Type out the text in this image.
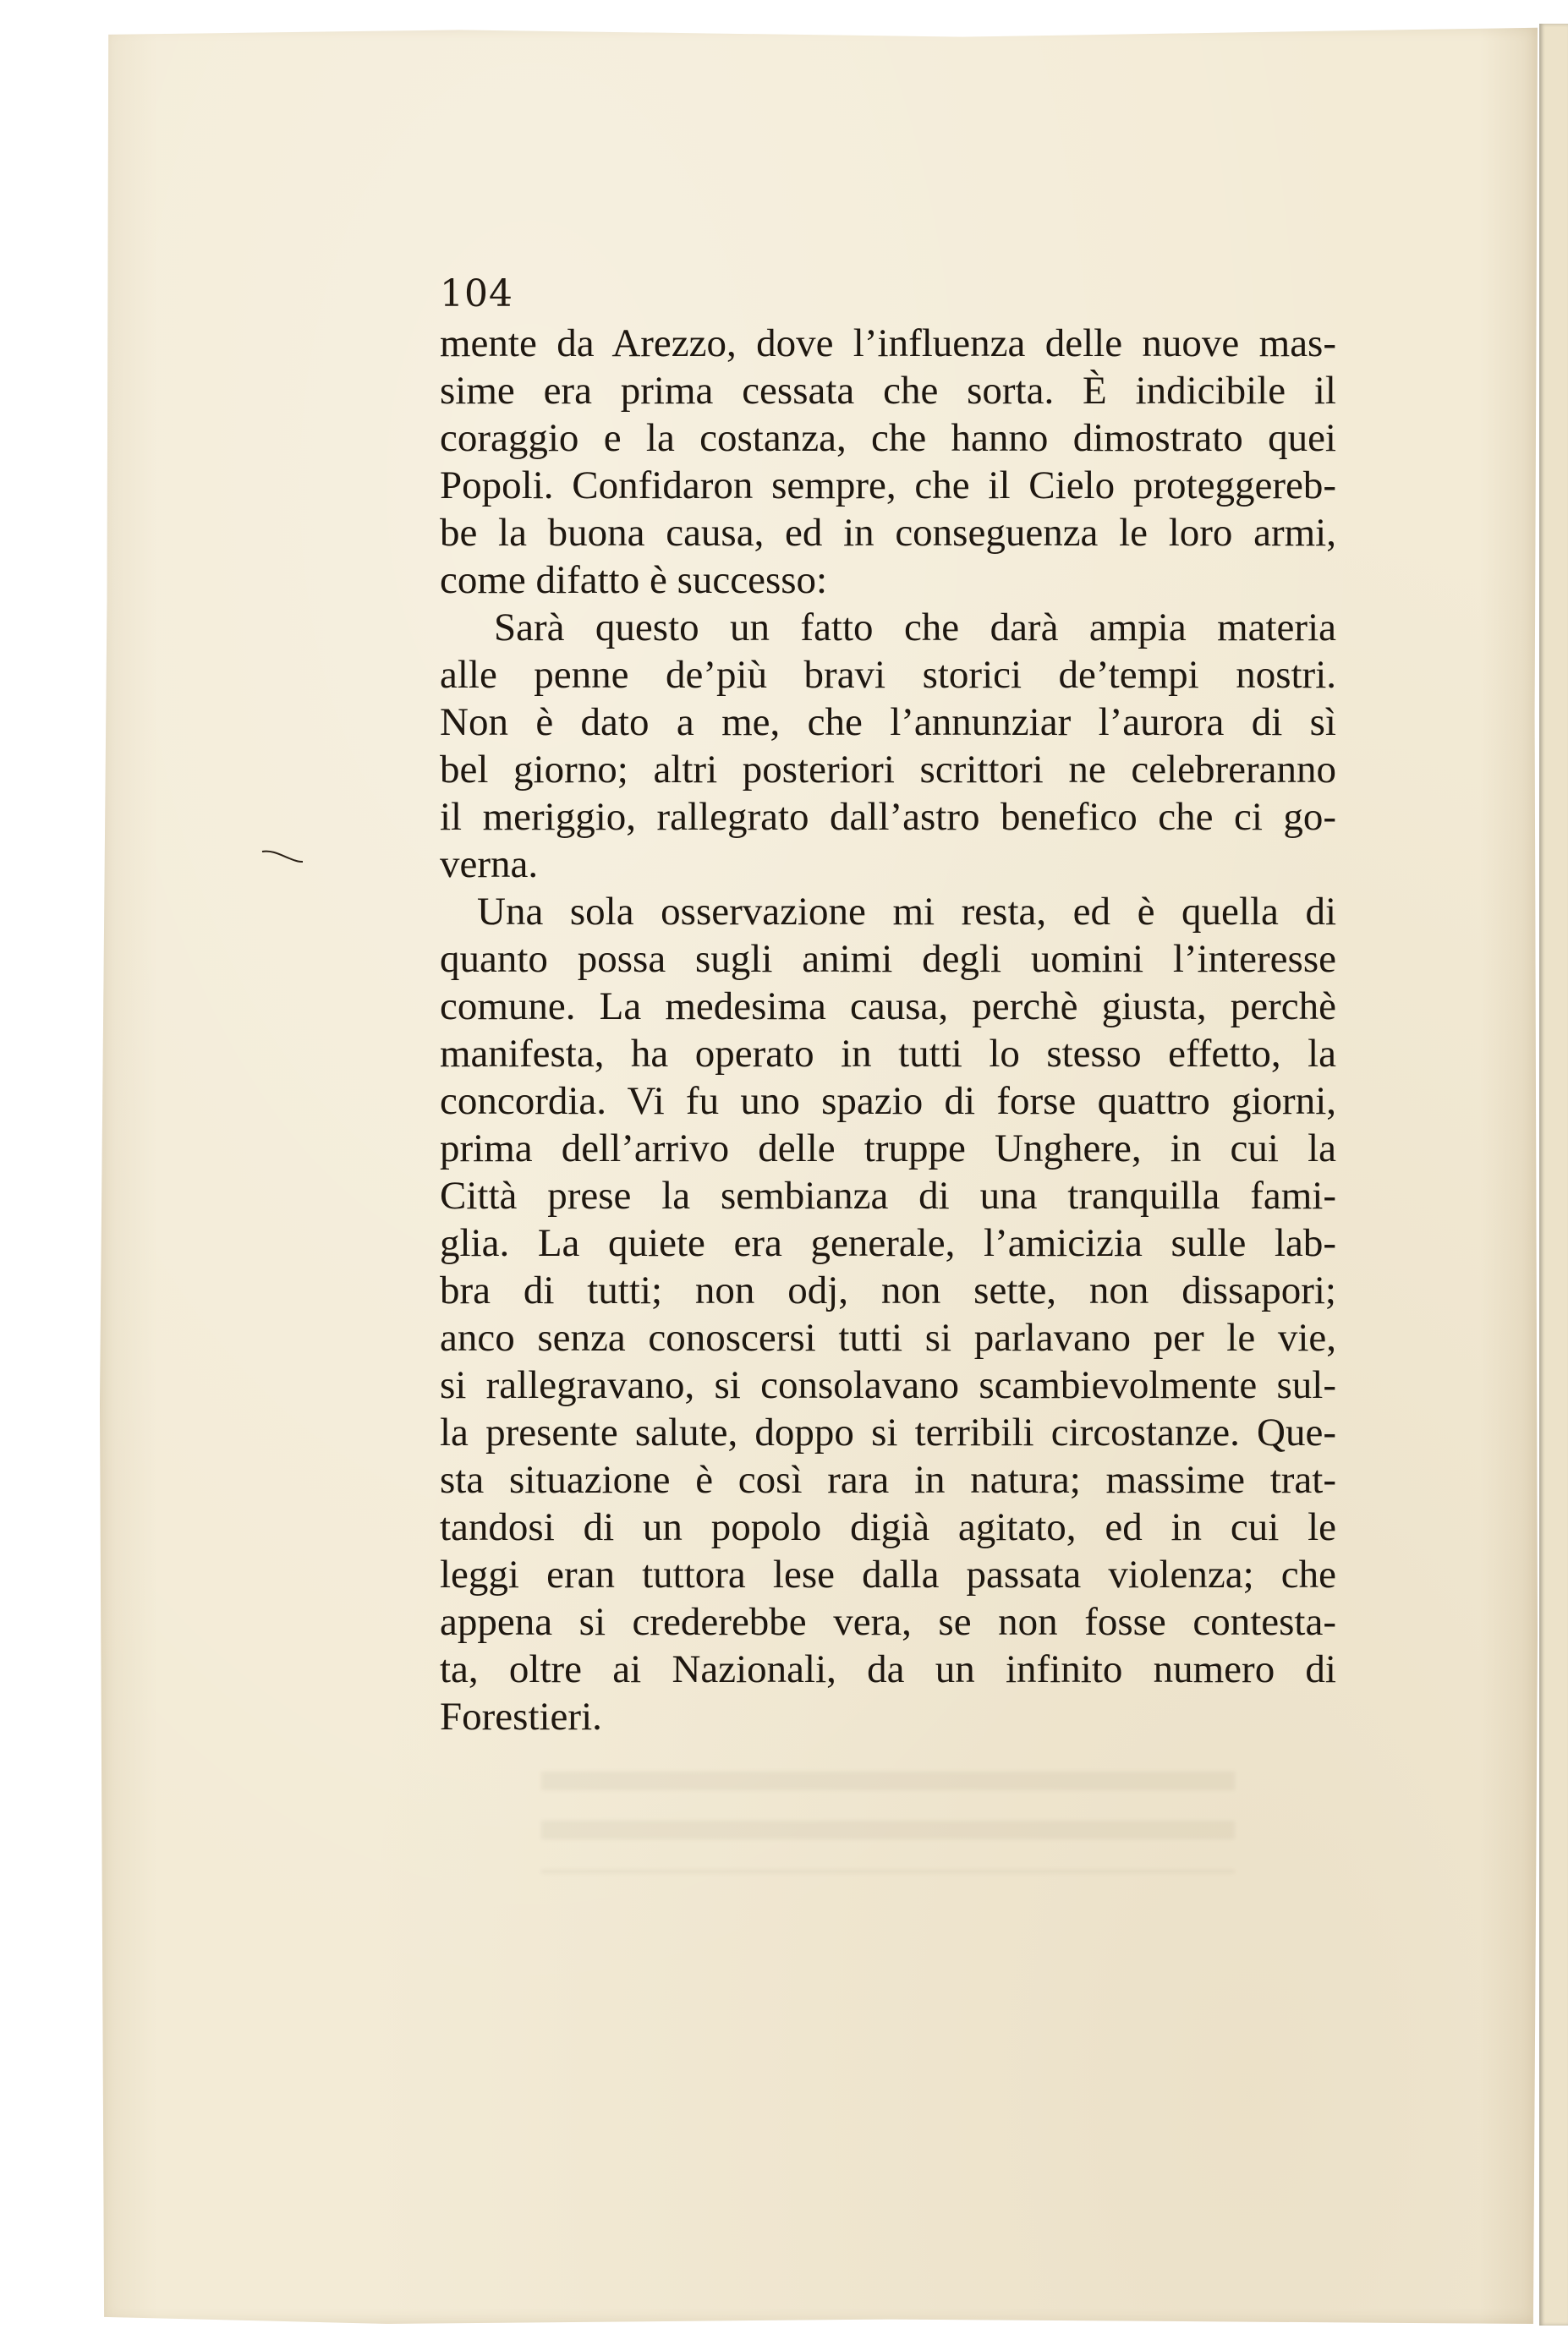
104
mente da Arezzo, dove l’influenza delle nuove mas-
sime era prima cessata che sorta. È indicibile il
coraggio e la costanza, che hanno dimostrato quei
Popoli. Confidaron sempre, che il Cielo proteggereb-
be la buona causa, ed in conseguenza le loro armi,
come difatto è successo:
Sarà questo un fatto che darà ampia materia
alle penne de’più bravi storici de’tempi nostri.
Non è dato a me, che l’annunziar l’aurora di sì
bel giorno; altri posteriori scrittori ne celebreranno
il meriggio, rallegrato dall’astro benefico che ci go-
verna.
Una sola osservazione mi resta, ed è quella di
quanto possa sugli animi degli uomini l’interesse
comune. La medesima causa, perchè giusta, perchè
manifesta, ha operato in tutti lo stesso effetto, la
concordia. Vi fu uno spazio di forse quattro giorni,
prima dell’arrivo delle truppe Unghere, in cui la
Città prese la sembianza di una tranquilla fami-
glia. La quiete era generale, l’amicizia sulle lab-
bra di tutti; non odj, non sette, non dissapori;
anco senza conoscersi tutti si parlavano per le vie,
si rallegravano, si consolavano scambievolmente sul-
la presente salute, doppo si terribili circostanze. Que-
sta situazione è così rara in natura; massime trat-
tandosi di un popolo digià agitato, ed in cui le
leggi eran tuttora lese dalla passata violenza; che
appena si crederebbe vera, se non fosse contesta-
ta, oltre ai Nazionali, da un infinito numero di
Forestieri.
